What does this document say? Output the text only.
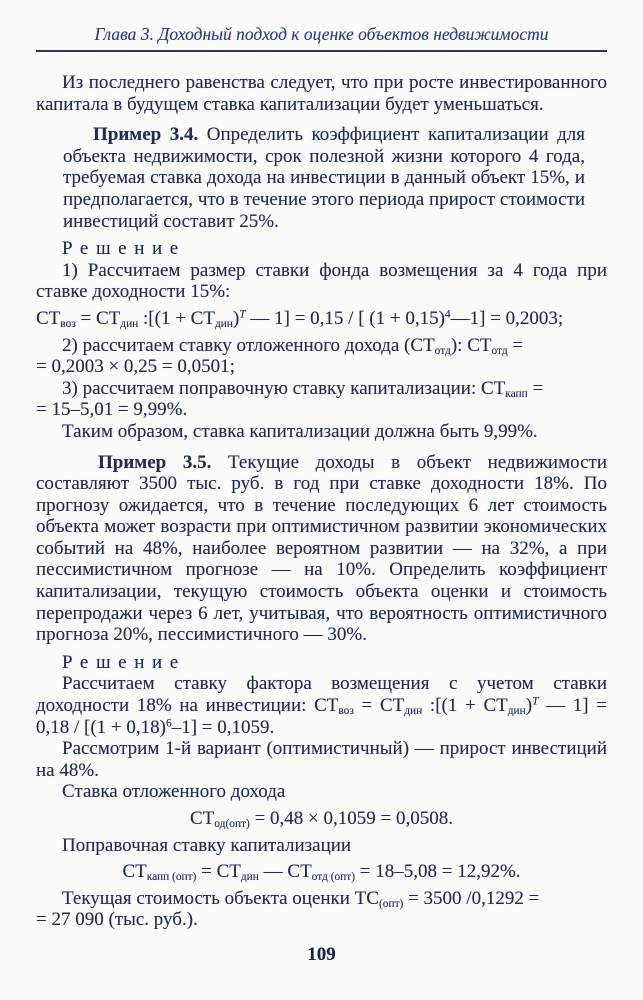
Глава 3. Доходный подход к оценке объектов недвижимости

Из последнего равенства следует, что при росте инвестированного капитала в будущем ставка капитализации будет уменьшаться.

Пример 3.4. Определить коэффициент капитализации для объекта недвижимости, срок полезной жизни которого 4 года, требуемая ставка дохода на инвестиции в данный объект 15%, и предполагается, что в течение этого периода прирост стоимости инвестиций составит 25%.

Решение

1) Рассчитаем размер ставки фонда возмещения за 4 года при ставке доходности 15%:

$СТ_{воз} = СТ_{дин}$ :[(1 + $СТ_{дин})^T$ — 1] = 0,15 / [ $(1 + 0,15)^4—1] = 0,2003$;

2) рассчитаем ставку отложенного дохода $(СТ_{отд})$: $СТ_{отд}$ =
= 0,2003 × 0,25 = 0,0501;

3) рассчитаем поправочную ставку капитализации: $СТ_{капп}$ =
= 15–5,01 = 9,99%.

Таким образом, ставка капитализации должна быть 9,99%.

Пример 3.5. Текущие доходы в объект недвижимости составляют 3500 тыс. руб. в год при ставке доходности 18%. По прогнозу ожидается, что в течение последующих 6 лет стоимость объекта может возрасти при оптимистичном развитии экономических событий на 48%, наиболее вероятном развитии — на 32%, а при пессимистичном прогнозе — на 10%. Определить коэффициент капитализации, текущую стоимость объекта оценки и стоимость перепродажи через 6 лет, учитывая, что вероятность оптимистичного прогноза 20%, пессимистичного — 30%.

Решение

Рассчитаем ставку фактора возмещения с учетом ставки доходности 18% на инвестиции: $СТ_{воз} = СТ_{дин}$ :[(1 + $СТ_{дин})^T$ — $1] = 0,18 / [(1 + 0,18)^6-1] = 0,1059$.

Рассмотрим 1-й вариант (оптимистичный) — прирост инвестиций на 48%.

Ставка отложенного дохода

$СТ_{од(опт)} = 0,48 \times 0,1059 = 0,0508$.

Поправочная ставку капитализации

$СТ_{капп (опт)} = СТ_{дин}$ — $СТ_{отд (опт)} = 18-5,08 = 12,92\%$.

Текущая стоимость объекта оценки $ТС_{(опт)} = 3500$ /0,1292 =
= 27 090 (тыс. руб.).

109
